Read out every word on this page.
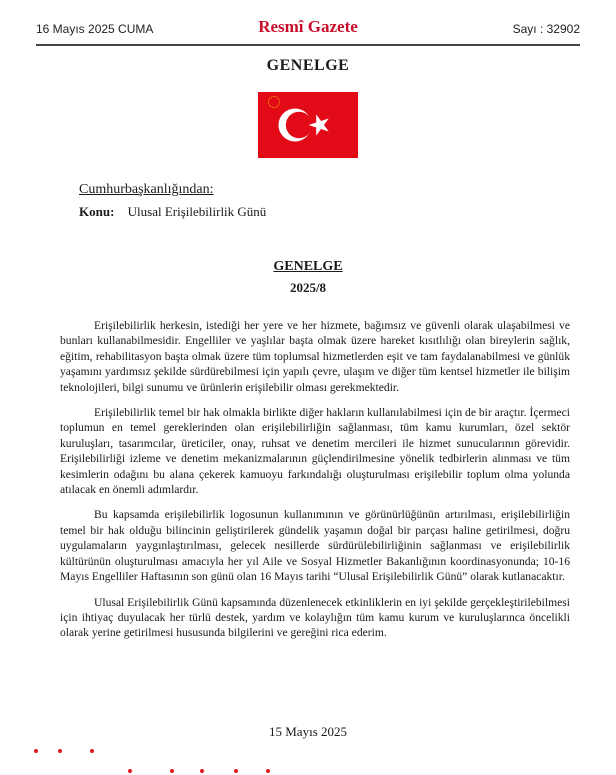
16 Mayıs 2025 CUMA	Resmî Gazete	Sayı : 32902
GENELGE
Cumhurbaşkanlığından:
Konu: Ulusal Erişilebilirlik Günü
GENELGE
2025/8

Erişilebilirlik herkesin, istediği her yere ve her hizmete, bağımsız ve güvenli olarak ulaşabilmesi ve bunları kullanabilmesidir. Engelliler ve yaşlılar başta olmak üzere hareket kısıtlılığı olan bireylerin sağlık, eğitim, rehabilitasyon başta olmak üzere tüm toplumsal hizmetlerden eşit ve tam faydalanabilmesi ve günlük yaşamını yardımsız şekilde sürdürebilmesi için yapılı çevre, ulaşım ve diğer tüm kentsel hizmetler ile bilişim teknolojileri, bilgi sunumu ve ürünlerin erişilebilir olması gerekmektedir.

Erişilebilirlik temel bir hak olmakla birlikte diğer hakların kullanılabilmesi için de bir araçtır. İçermeci toplumun en temel gereklerinden olan erişilebilirliğin sağlanması, tüm kamu kurumları, özel sektör kuruluşları, tasarımcılar, üreticiler, onay, ruhsat ve denetim mercileri ile hizmet sunucularının görevidir. Erişilebilirliği izleme ve denetim mekanizmalarının güçlendirilmesine yönelik tedbirlerin alınması ve tüm kesimlerin odağını bu alana çekerek kamuoyu farkındalığı oluşturulması erişilebilir toplum olma yolunda atılacak en önemli adımlardır.

Bu kapsamda erişilebilirlik logosunun kullanımının ve görünürlüğünün artırılması, erişilebilirliğin temel bir hak olduğu bilincinin geliştirilerek gündelik yaşamın doğal bir parçası haline getirilmesi, doğru uygulamaların yaygınlaştırılması, gelecek nesillerde sürdürülebilirliğinin sağlanması ve erişilebilirlik kültürünün oluşturulması amacıyla her yıl Aile ve Sosyal Hizmetler Bakanlığının koordinasyonunda; 10-16 Mayıs Engelliler Haftasının son günü olan 16 Mayıs tarihi “Ulusal Erişilebilirlik Günü” olarak kutlanacaktır.

Ulusal Erişilebilirlik Günü kapsamında düzenlenecek etkinliklerin en iyi şekilde gerçekleştirilebilmesi için ihtiyaç duyulacak her türlü destek, yardım ve kolaylığın tüm kamu kurum ve kuruluşlarınca öncelikli olarak yerine getirilmesi hususunda bilgilerini ve gereğini rica ederim.

15 Mayıs 2025
